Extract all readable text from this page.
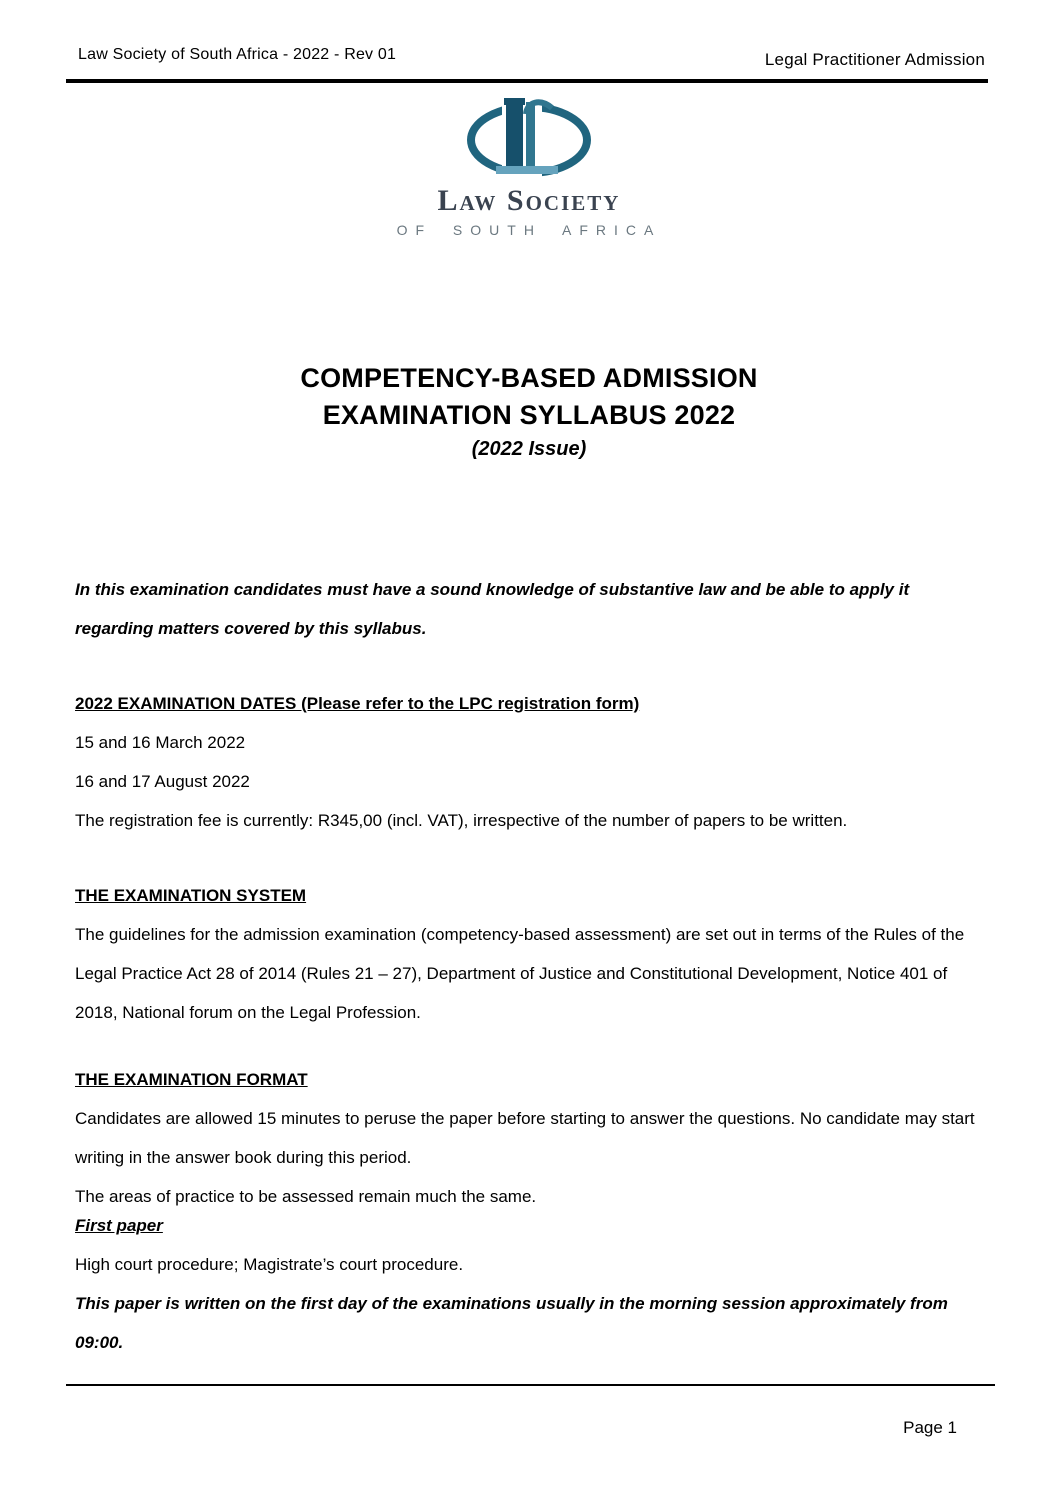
Law Society of South Africa - 2022 - Rev 01	Legal Practitioner Admission
Law Society
OF SOUTH AFRICA
COMPETENCY-BASED ADMISSION
EXAMINATION SYLLABUS 2022
(2022 Issue)

In this examination candidates must have a sound knowledge of substantive law and be able to apply it regarding matters covered by this syllabus.

2022 EXAMINATION DATES (Please refer to the LPC registration form)

15 and 16 March 2022

16 and 17 August 2022

The registration fee is currently: R345,00 (incl. VAT), irrespective of the number of papers to be written.

THE EXAMINATION SYSTEM

The guidelines for the admission examination (competency-based assessment) are set out in terms of the Rules of the Legal Practice Act 28 of 2014 (Rules 21 – 27), Department of Justice and Constitutional Development, Notice 401 of 2018, National forum on the Legal Profession.

THE EXAMINATION FORMAT

Candidates are allowed 15 minutes to peruse the paper before starting to answer the questions. No candidate may start writing in the answer book during this period.

The areas of practice to be assessed remain much the same.

First paper

High court procedure; Magistrate’s court procedure.

This paper is written on the first day of the examinations usually in the morning session approximately from 09:00.

Page 1
